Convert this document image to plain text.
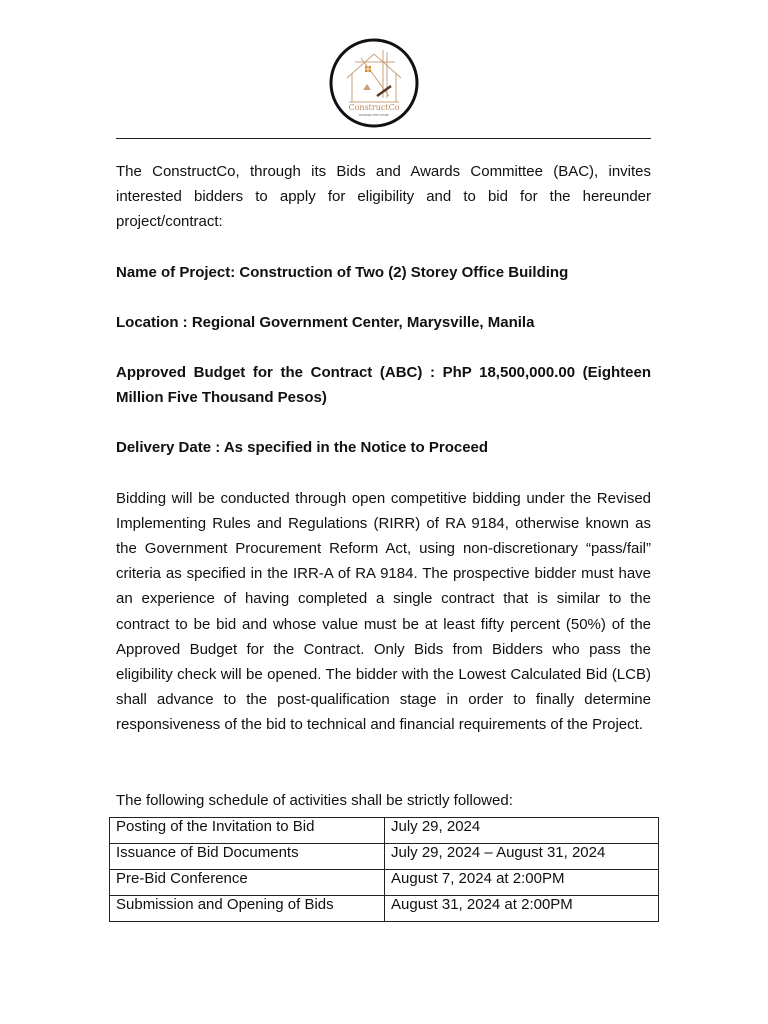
ConstructCo
BUILDING THE FUTURE

The ConstructCo, through its Bids and Awards Committee (BAC), invites interested bidders to apply for eligibility and to bid for the hereunder project/contract:

Name of Project: Construction of Two (2) Storey Office Building

Location : Regional Government Center, Marysville, Manila

Approved Budget for the Contract (ABC) : PhP 18,500,000.00 (Eighteen Million Five Thousand Pesos)

Delivery Date : As specified in the Notice to Proceed

Bidding will be conducted through open competitive bidding under the Revised Implementing Rules and Regulations (RIRR) of RA 9184, otherwise known as the Government Procurement Reform Act, using non-discretionary “pass/fail” criteria as specified in the IRR-A of RA 9184. The prospective bidder must have an experience of having completed a single contract that is similar to the contract to be bid and whose value must be at least fifty percent (50%) of the Approved Budget for the Contract. Only Bids from Bidders who pass the eligibility check will be opened. The bidder with the Lowest Calculated Bid (LCB) shall advance to the post-qualification stage in order to finally determine responsiveness of the bid to technical and financial requirements of the Project.

The following schedule of activities shall be strictly followed:
Posting of the Invitation to Bid	July 29, 2024
Issuance of Bid Documents	July 29, 2024 – August 31, 2024
Pre-Bid Conference	August 7, 2024 at 2:00PM
Submission and Opening of Bids	August 31, 2024 at 2:00PM
